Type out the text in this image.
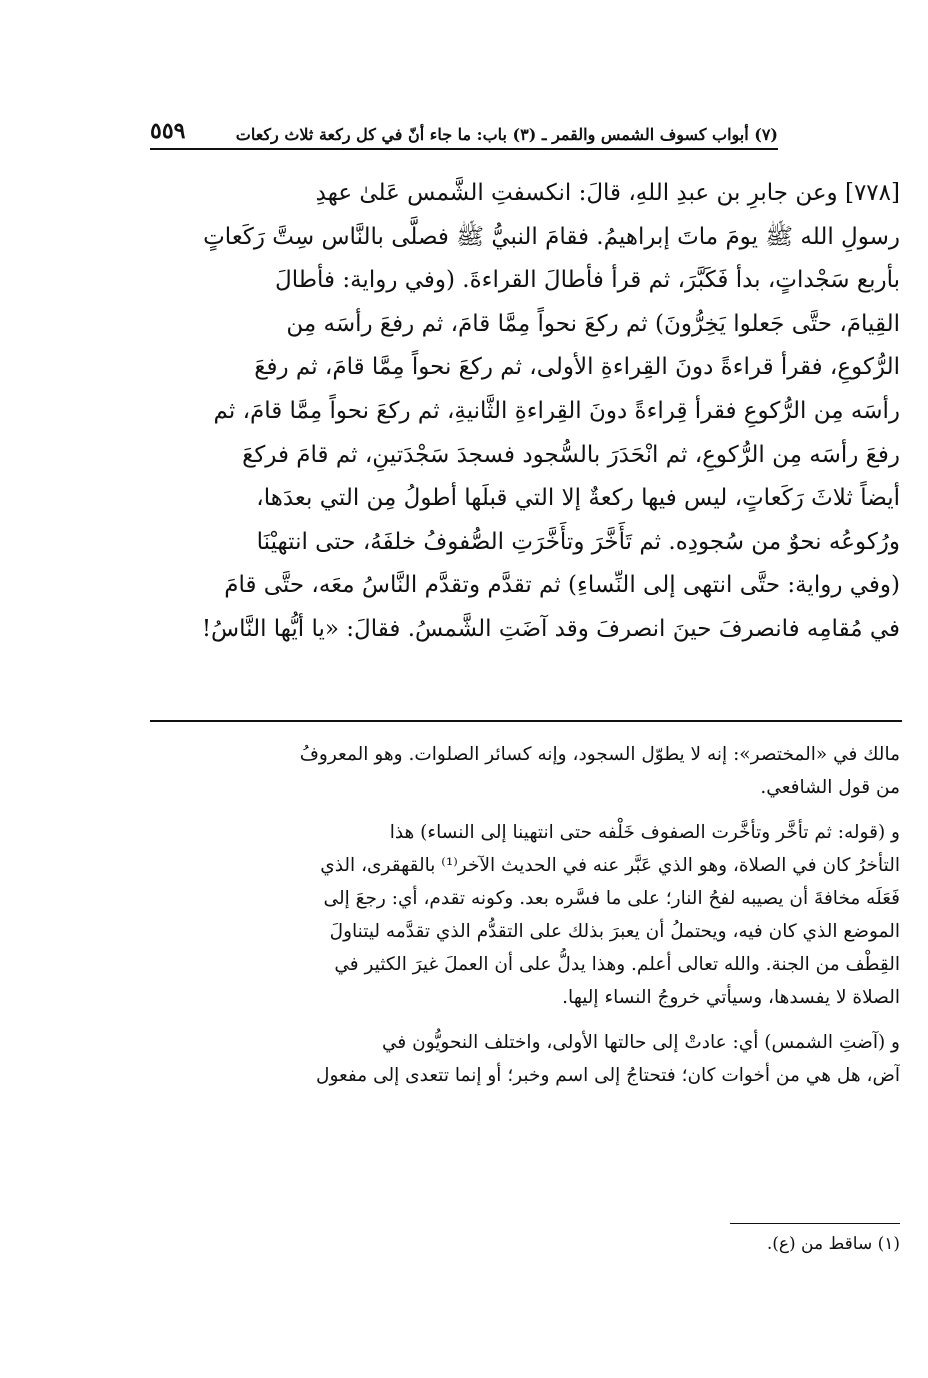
٥٥٩	(٧) أبواب كسوف الشمس والقمر ـ (٣) باب: ما جاء أنّ في كل ركعة ثلاث ركعات
[٧٧٨] وعن جابرِ بن عبدِ اللهِ، قالَ: انكسفتِ الشَّمس عَلىٰ عهدِ
رسولِ الله ﷺ يومَ ماتَ إبراهيمُ. فقامَ النبيُّ ﷺ فصلَّى بالنَّاس سِتَّ رَكَعاتٍ
بأربع سَجْداتٍ، بدأ فَكَبَّرَ، ثم قرأ فأطالَ القراءةَ. (وفي رواية: فأطالَ
القِيامَ، حتَّى جَعلوا يَخِرُّونَ) ثم ركعَ نحواً مِمَّا قامَ، ثم رفعَ رأسَه مِن
الرُّكوعِ، فقرأ قراءةً دونَ القِراءةِ الأولى، ثم ركعَ نحواً مِمَّا قامَ، ثم رفعَ
رأسَه مِن الرُّكوعِ فقرأ قِراءةً دونَ القِراءةِ الثَّانيةِ، ثم ركعَ نحواً مِمَّا قامَ، ثم
رفعَ رأسَه مِن الرُّكوعِ، ثم انْحَدَرَ بالسُّجود فسجدَ سَجْدَتينِ، ثم قامَ فركعَ
أيضاً ثلاثَ رَكَعاتٍ، ليس فيها ركعةٌ إلا التي قبلَها أطولُ مِن التي بعدَها،
ورُكوعُه نحوٌ من سُجودِه. ثم تَأَخَّرَ وتأَخَّرَتِ الصُّفوفُ خلفَهُ، حتى انتهيْنَا
(وفي رواية: حتَّى انتهى إلى النِّساءِ) ثم تقدَّم وتقدَّم النَّاسُ معَه، حتَّى قامَ
في مُقامِه فانصرفَ حينَ انصرفَ وقد آضَتِ الشَّمسُ. فقالَ: «يا أيُّها النَّاسُ!
مالك في «المختصر»: إنه لا يطوّل السجود، وإنه كسائر الصلوات. وهو المعروفُ
من قول الشافعي.
و (قوله: ثم تأخَّر وتأخَّرت الصفوف خَلْفه حتى انتهينا إلى النساء) هذا
التأخرُ كان في الصلاة، وهو الذي عَبَّر عنه في الحديث الآخر⁽¹⁾ بالقهقرى، الذي
فَعَلَه مخافةَ أن يصيبه لفحُ النار؛ على ما فسَّره بعد. وكونه تقدم، أي: رجعَ إلى
الموضع الذي كان فيه، ويحتملُ أن يعبرَ بذلك على التقدُّم الذي تقدَّمه ليتناولَ
القِطْف من الجنة. والله تعالى أعلم. وهذا يدلُّ على أن العملَ غيرَ الكثير في
الصلاة لا يفسدها، وسيأتي خروجُ النساء إليها.
و (آضتِ الشمس) أي: عادتْ إلى حالتها الأولى، واختلف النحويُّون في
آض، هل هي من أخوات كان؛ فتحتاجُ إلى اسم وخبر؛ أو إنما تتعدى إلى مفعول
(١) ساقط من (ع).
